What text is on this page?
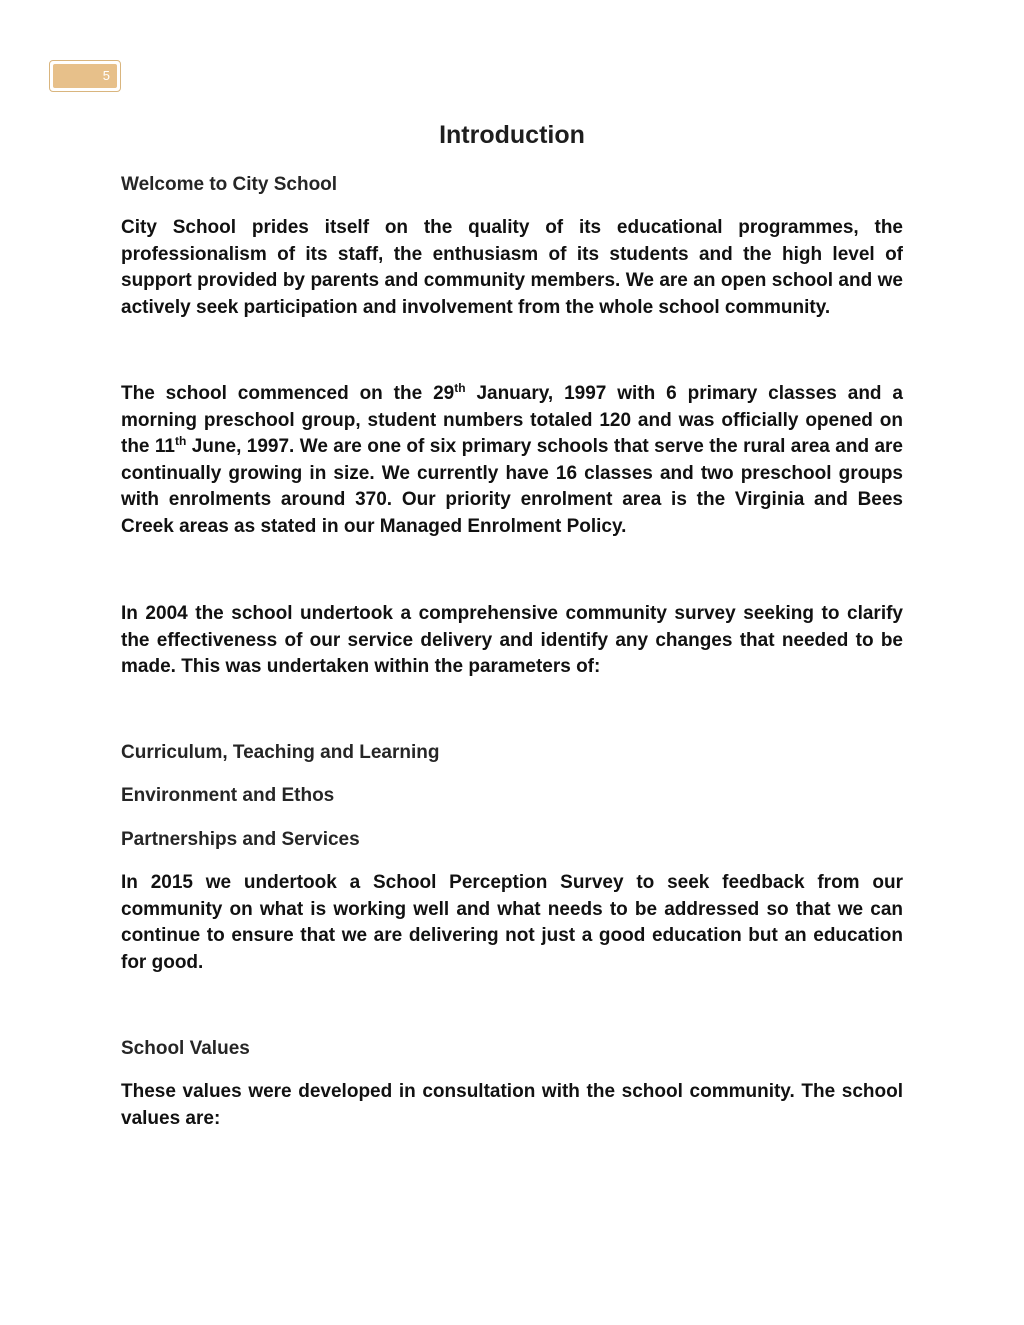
5
Introduction
Welcome to City School

City School prides itself on the quality of its educational programmes, the professionalism of its staff, the enthusiasm of its students and the high level of support provided by parents and community members. We are an open school and we actively seek participation and involvement from the whole school community.

The school commenced on the 29th January, 1997 with 6 primary classes and a morning preschool group, student numbers totaled 120 and was officially opened on the 11th June, 1997. We are one of six primary schools that serve the rural area and are continually growing in size. We currently have 16 classes and two preschool groups with enrolments around 370. Our priority enrolment area is the Virginia and Bees Creek areas as stated in our Managed Enrolment Policy.

In 2004 the school undertook a comprehensive community survey seeking to clarify the effectiveness of our service delivery and identify any changes that needed to be made. This was undertaken within the parameters of:

Curriculum, Teaching and Learning
Environment and Ethos
Partnerships and Services

In 2015 we undertook a School Perception Survey to seek feedback from our community on what is working well and what needs to be addressed so that we can continue to ensure that we are delivering not just a good education but an education for good.

School Values

These values were developed in consultation with the school community. The school values are:
